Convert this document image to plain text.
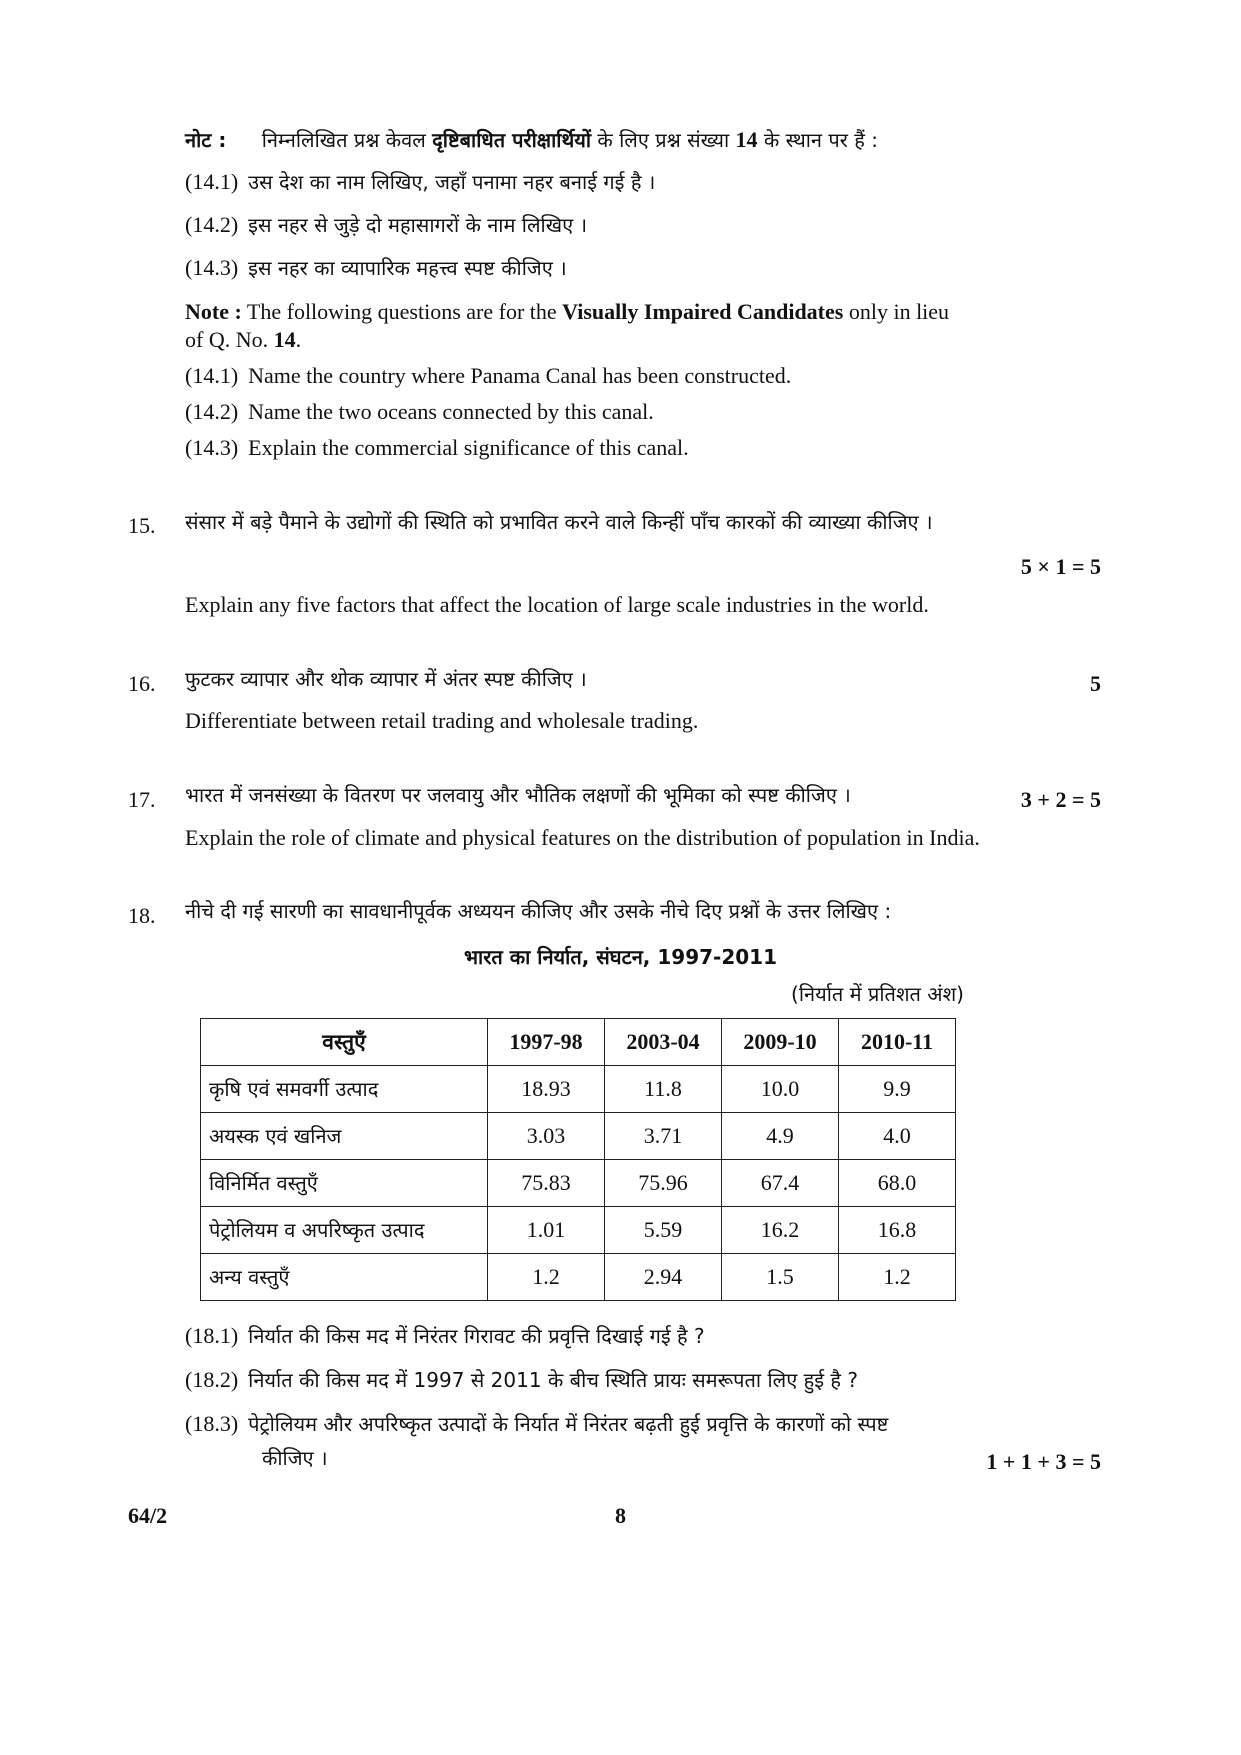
नोट : निम्नलिखित प्रश्न केवल दृष्टिबाधित परीक्षार्थियों के लिए प्रश्न संख्या 14 के स्थान पर हैं :
(14.1) उस देश का नाम लिखिए, जहाँ पनामा नहर बनाई गई है ।
(14.2) इस नहर से जुड़े दो महासागरों के नाम लिखिए ।
(14.3) इस नहर का व्यापारिक महत्त्व स्पष्ट कीजिए ।
Note : The following questions are for the Visually Impaired Candidates only in lieu
of Q. No. 14.
(14.1) Name the country where Panama Canal has been constructed.
(14.2) Name the two oceans connected by this canal.
(14.3) Explain the commercial significance of this canal.
15. संसार में बड़े पैमाने के उद्योगों की स्थिति को प्रभावित करने वाले किन्हीं पाँच कारकों की व्याख्या कीजिए ।
5 × 1 = 5
Explain any five factors that affect the location of large scale industries in the world.
16. फुटकर व्यापार और थोक व्यापार में अंतर स्पष्ट कीजिए ।	5
Differentiate between retail trading and wholesale trading.
17. भारत में जनसंख्या के वितरण पर जलवायु और भौतिक लक्षणों की भूमिका को स्पष्ट कीजिए ।	3 + 2 = 5
Explain the role of climate and physical features on the distribution of population in India.
18. नीचे दी गई सारणी का सावधानीपूर्वक अध्ययन कीजिए और उसके नीचे दिए प्रश्नों के उत्तर लिखिए :
भारत का निर्यात, संघटन, 1997-2011
(निर्यात में प्रतिशत अंश)
वस्तुएँ	1997-98	2003-04	2009-10	2010-11
कृषि एवं समवर्गी उत्पाद	18.93	11.8	10.0	9.9
अयस्क एवं खनिज	3.03	3.71	4.9	4.0
विनिर्मित वस्तुएँ	75.83	75.96	67.4	68.0
पेट्रोलियम व अपरिष्कृत उत्पाद	1.01	5.59	16.2	16.8
अन्य वस्तुएँ	1.2	2.94	1.5	1.2
(18.1) निर्यात की किस मद में निरंतर गिरावट की प्रवृत्ति दिखाई गई है ?
(18.2) निर्यात की किस मद में 1997 से 2011 के बीच स्थिति प्रायः समरूपता लिए हुई है ?
(18.3) पेट्रोलियम और अपरिष्कृत उत्पादों के निर्यात में निरंतर बढ़ती हुई प्रवृत्ति के कारणों को स्पष्ट
कीजिए ।	1 + 1 + 3 = 5
64/2	8
